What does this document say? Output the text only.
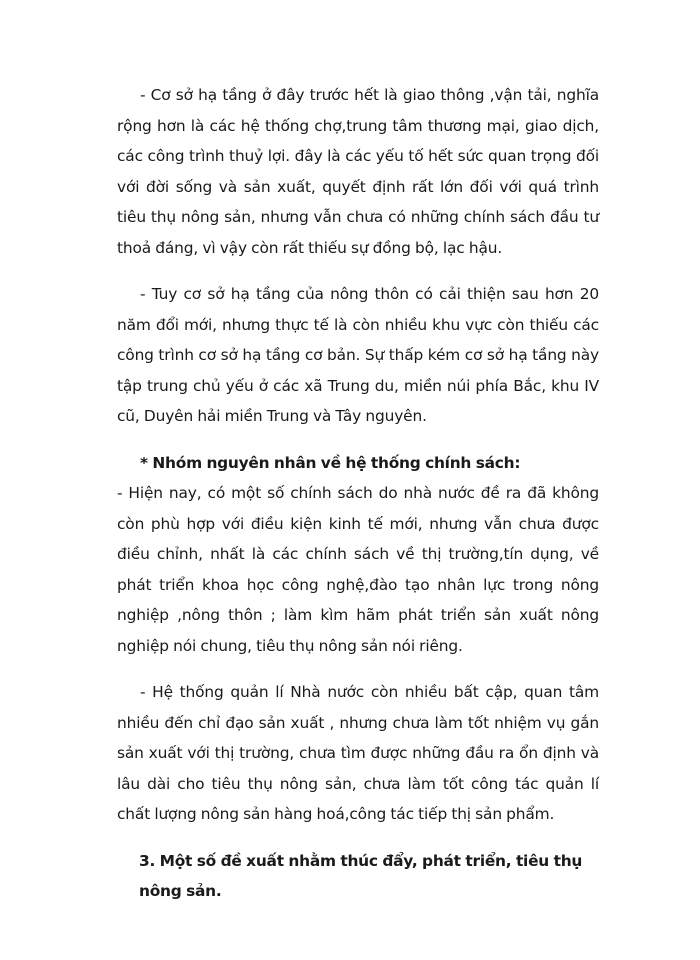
- Cơ sở hạ tầng ở đây trước hết là giao thông ,vận tải, nghĩa rộng hơn là các hệ thống chợ,trung tâm thương mại, giao dịch, các công trình thuỷ lợi. đây là các yếu tố hết sức quan trọng đối với đời sống và sản xuất, quyết định rất lớn đối với quá trình tiêu thụ nông sản, nhưng vẫn chưa có những chính sách đầu tư thoả đáng, vì vậy còn rất thiếu sự đồng bộ, lạc hậu.

- Tuy cơ sở hạ tầng của nông thôn có cải thiện sau hơn 20 năm đổi mới, nhưng thực tế là còn nhiều khu vực còn thiếu các công trình cơ sở hạ tầng cơ bản. Sự thấp kém cơ sở hạ tầng này tập trung chủ yếu ở các xã Trung du, miền núi phía Bắc, khu IV cũ, Duyên hải miền Trung và Tây nguyên.

* Nhóm nguyên nhân về hệ thống chính sách:

- Hiện nay, có một số chính sách do nhà nước đề ra đã không còn phù hợp với điều kiện kinh tế mới, nhưng vẫn chưa được điều chỉnh, nhất là các chính sách về thị trường,tín dụng, về phát triển khoa học công nghệ,đào tạo nhân lực trong nông nghiệp ,nông thôn ; làm kìm hãm phát triển sản xuất nông nghiệp nói chung, tiêu thụ nông sản nói riêng.

- Hệ thống quản lí Nhà nước còn nhiều bất cập, quan tâm nhiều đến chỉ đạo sản xuất , nhưng chưa làm tốt nhiệm vụ gắn sản xuất với thị trường, chưa tìm được những đầu ra ổn định và lâu dài cho tiêu thụ nông sản, chưa làm tốt công tác quản lí chất lượng nông sản hàng hoá,công tác tiếp thị sản phẩm.

3. Một số đề xuất nhằm thúc đẩy, phát triển, tiêu thụ nông sản.
